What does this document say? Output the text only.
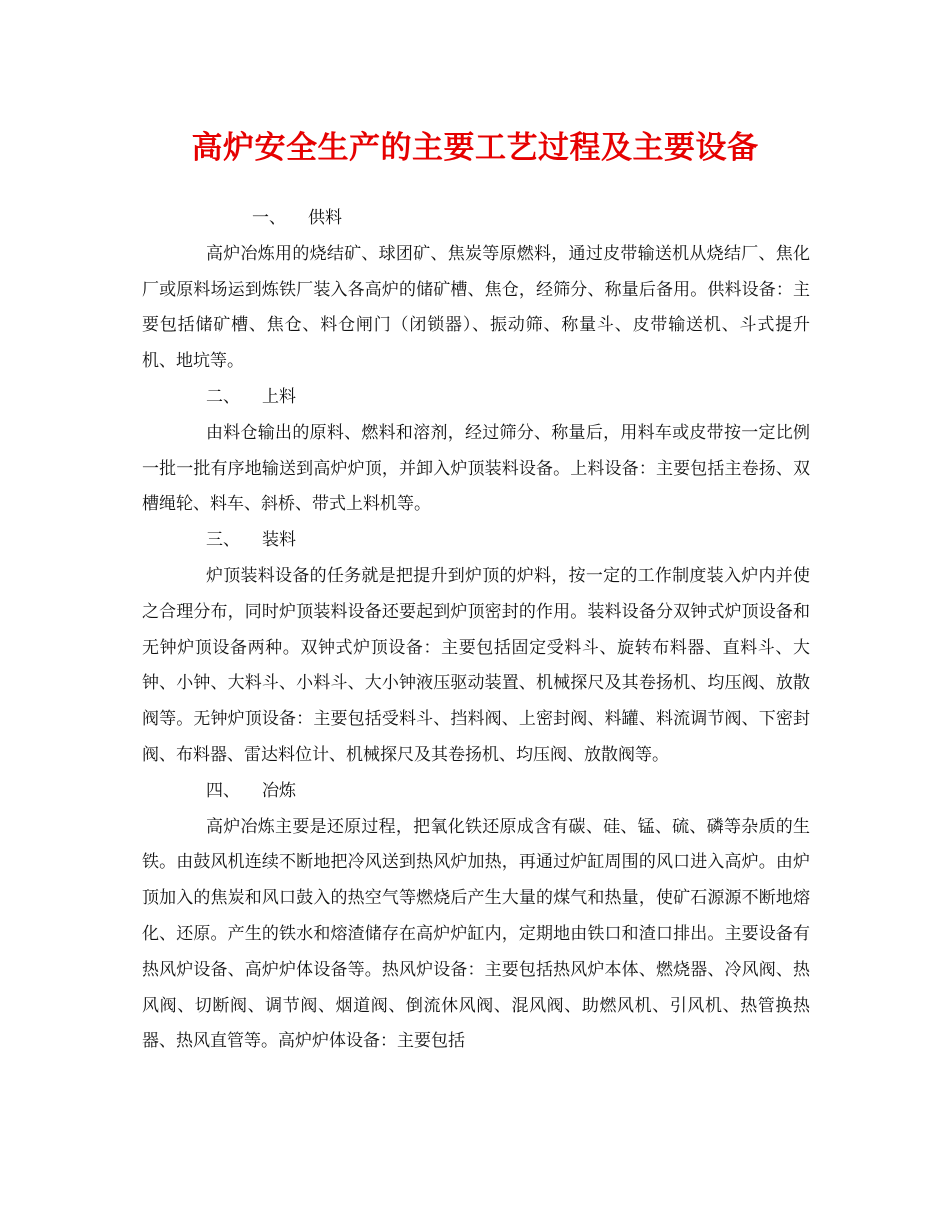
高炉安全生产的主要工艺过程及主要设备
一、	供料

高炉冶炼用的烧结矿、球团矿、焦炭等原燃料，通过皮带输送机从烧结厂、焦化厂或原料场运到炼铁厂装入各高炉的储矿槽、焦仓，经筛分、称量后备用。供料设备：主要包括储矿槽、焦仓、料仓闸门（闭锁器）、振动筛、称量斗、皮带输送机、斗式提升机、地坑等。

二、	上料

由料仓输出的原料、燃料和溶剂，经过筛分、称量后，用料车或皮带按一定比例一批一批有序地输送到高炉炉顶，并卸入炉顶装料设备。上料设备：主要包括主卷扬、双槽绳轮、料车、斜桥、带式上料机等。

三、	装料

炉顶装料设备的任务就是把提升到炉顶的炉料，按一定的工作制度装入炉内并使之合理分布，同时炉顶装料设备还要起到炉顶密封的作用。装料设备分双钟式炉顶设备和无钟炉顶设备两种。双钟式炉顶设备：主要包括固定受料斗、旋转布料器、直料斗、大钟、小钟、大料斗、小料斗、大小钟液压驱动装置、机械探尺及其卷扬机、均压阀、放散阀等。无钟炉顶设备：主要包括受料斗、挡料阀、上密封阀、料罐、料流调节阀、下密封阀、布料器、雷达料位计、机械探尺及其卷扬机、均压阀、放散阀等。

四、	冶炼

高炉冶炼主要是还原过程，把氧化铁还原成含有碳、硅、锰、硫、磷等杂质的生铁。由鼓风机连续不断地把冷风送到热风炉加热，再通过炉缸周围的风口进入高炉。由炉顶加入的焦炭和风口鼓入的热空气等燃烧后产生大量的煤气和热量，使矿石源源不断地熔化、还原。产生的铁水和熔渣储存在高炉炉缸内，定期地由铁口和渣口排出。主要设备有热风炉设备、高炉炉体设备等。热风炉设备：主要包括热风炉本体、燃烧器、冷风阀、热风阀、切断阀、调节阀、烟道阀、倒流休风阀、混风阀、助燃风机、引风机、热管换热器、热风直管等。高炉炉体设备：主要包括
